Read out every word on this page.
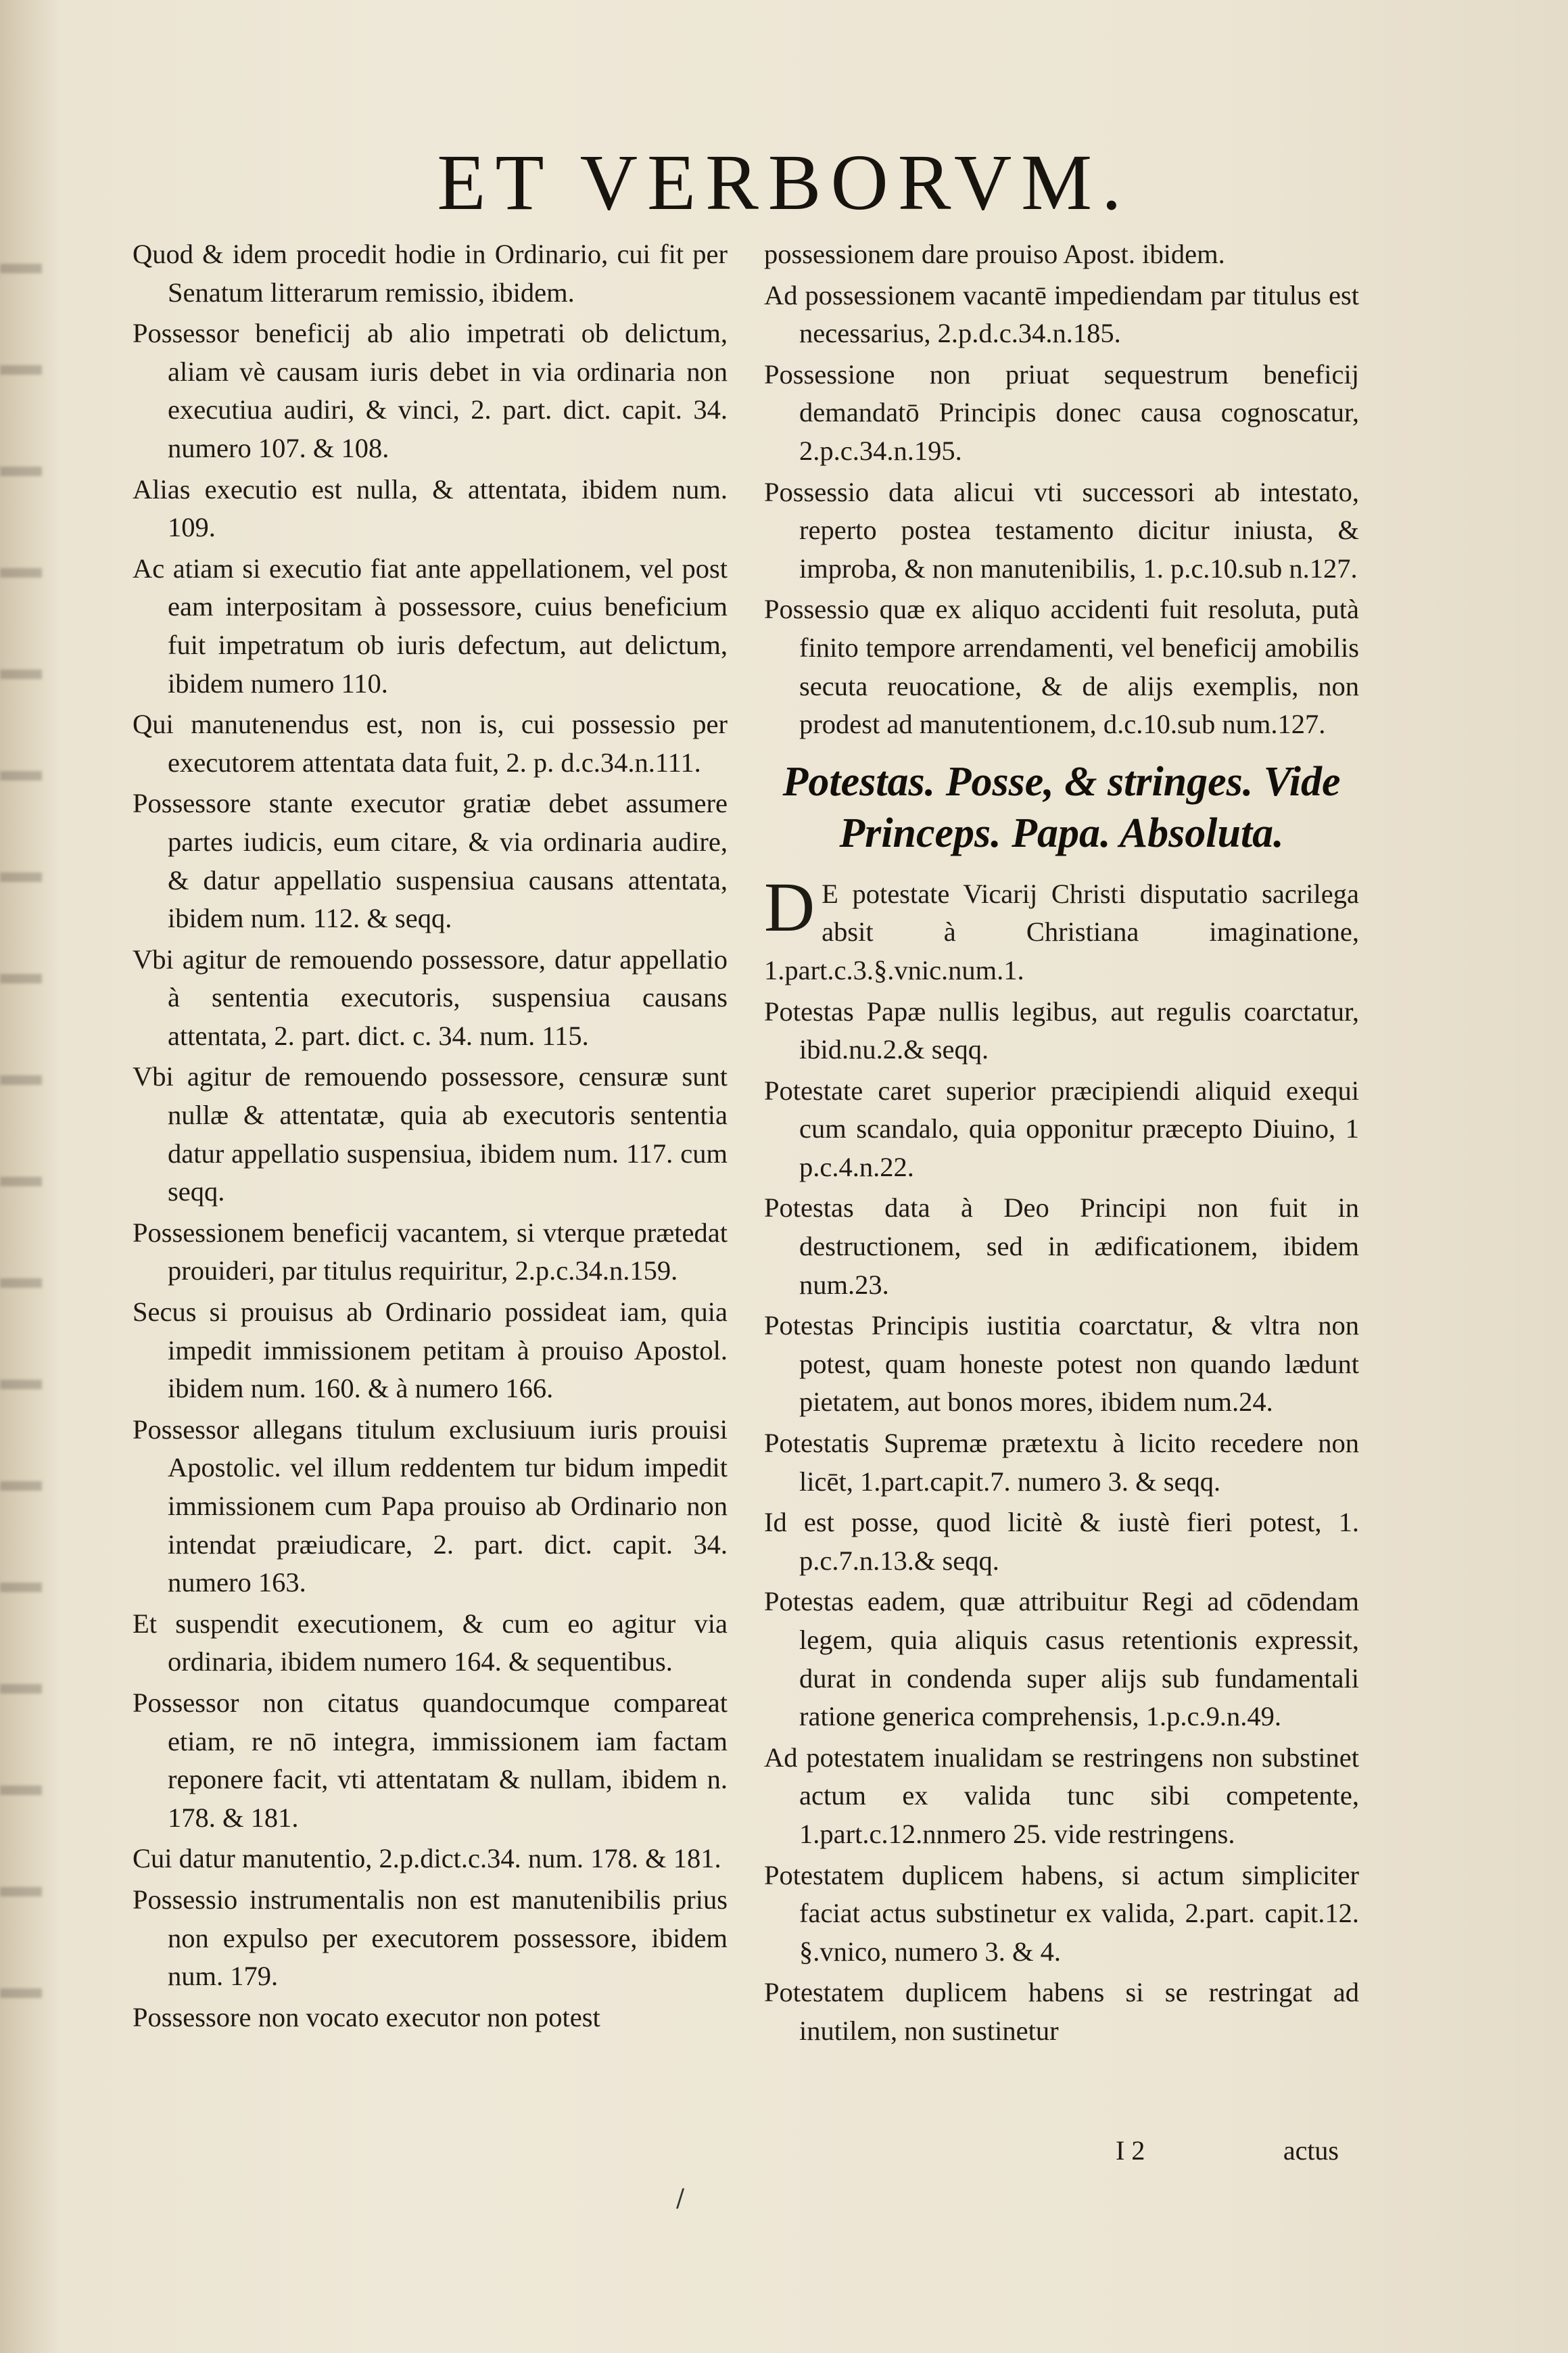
ET VERBORVM.

Quod & idem procedit hodie in Ordinario, cui fit per Senatum litterarum remissio, ibidem.

Possessor beneficij ab alio impetrati ob delictum, aliam vè causam iuris debet in via ordinaria non executiua audiri, & vinci, 2. part. dict. capit. 34. numero 107. & 108.

Alias executio est nulla, & attentata, ibidem num. 109.

Ac atiam si executio fiat ante appellationem, vel post eam interpositam à possessore, cuius beneficium fuit impetratum ob iuris defectum, aut delictum, ibidem numero 110.

Qui manutenendus est, non is, cui possessio per executorem attentata data fuit, 2. p. d.c.34.n.111.

Possessore stante executor gratiæ debet assumere partes iudicis, eum citare, & via ordinaria audire, & datur appellatio suspensiua causans attentata, ibidem num. 112. & seqq.

Vbi agitur de remouendo possessore, datur appellatio à sententia executoris, suspensiua causans attentata, 2. part. dict. c. 34. num. 115.

Vbi agitur de remouendo possessore, censuræ sunt nullæ & attentatæ, quia ab executoris sententia datur appellatio suspensiua, ibidem num. 117. cum seqq.

Possessionem beneficij vacantem, si vterque prætedat prouideri, par titulus requiritur, 2.p.c.34.n.159.

Secus si prouisus ab Ordinario possideat iam, quia impedit immissionem petitam à prouiso Apostol. ibidem num. 160. & à numero 166.

Possessor allegans titulum exclusiuum iuris prouisi Apostolic. vel illum reddentem tur bidum impedit immissionem cum Papa prouiso ab Ordinario non intendat præiudicare, 2. part. dict. capit. 34. numero 163.

Et suspendit executionem, & cum eo agitur via ordinaria, ibidem numero 164. & sequentibus.

Possessor non citatus quandocumque compareat etiam, re nō integra, immissionem iam factam reponere facit, vti attentatam & nullam, ibidem n. 178. & 181.

Cui datur manutentio, 2.p.dict.c.34. num. 178. & 181.

Possessio instrumentalis non est manutenibilis prius non expulso per executorem possessore, ibidem num. 179.

Possessore non vocato executor non potest

possessionem dare prouiso Apost. ibidem.

Ad possessionem vacantē impediendam par titulus est necessarius, 2.p.d.c.34.n.185.

Possessione non priuat sequestrum beneficij demandatō Principis donec causa cognoscatur, 2.p.c.34.n.195.

Possessio data alicui vti successori ab intestato, reperto postea testamento dicitur iniusta, & improba, & non manutenibilis, 1. p.c.10.sub n.127.

Possessio quæ ex aliquo accidenti fuit resoluta, putà finito tempore arrendamenti, vel beneficij amobilis secuta reuocatione, & de alijs exemplis, non prodest ad manutentionem, d.c.10.sub num.127.

Potestas. Posse, & stringes. Vide Princeps. Papa. Absoluta.

D E potestate Vicarij Christi disputatio sacrilega absit à Christiana imaginatione, 1.part.c.3.§.vnic.num.1.

Potestas Papæ nullis legibus, aut regulis coarctatur, ibid.nu.2.& seqq.

Potestate caret superior præcipiendi aliquid exequi cum scandalo, quia opponitur præcepto Diuino, 1 p.c.4.n.22.

Potestas data à Deo Principi non fuit in destructionem, sed in ædificationem, ibidem num.23.

Potestas Principis iustitia coarctatur, & vltra non potest, quam honeste potest non quando lædunt pietatem, aut bonos mores, ibidem num.24.

Potestatis Supremæ prætextu à licito recedere non licēt, 1.part.capit.7. numero 3. & seqq.

Id est posse, quod licitè & iustè fieri potest, 1. p.c.7.n.13.& seqq.

Potestas eadem, quæ attribuitur Regi ad cōdendam legem, quia aliquis casus retentionis expressit, durat in condenda super alijs sub fundamentali ratione generica comprehensis, 1.p.c.9.n.49.

Ad potestatem inualidam se restringens non substinet actum ex valida tunc sibi competente, 1.part.c.12.nnmero 25. vide restringens.

Potestatem duplicem habens, si actum simpliciter faciat actus substinetur ex valida, 2.part. capit.12. §.vnico, numero 3. & 4.

Potestatem duplicem habens si se restringat ad inutilem, non sustinetur

I 2	actus
/
